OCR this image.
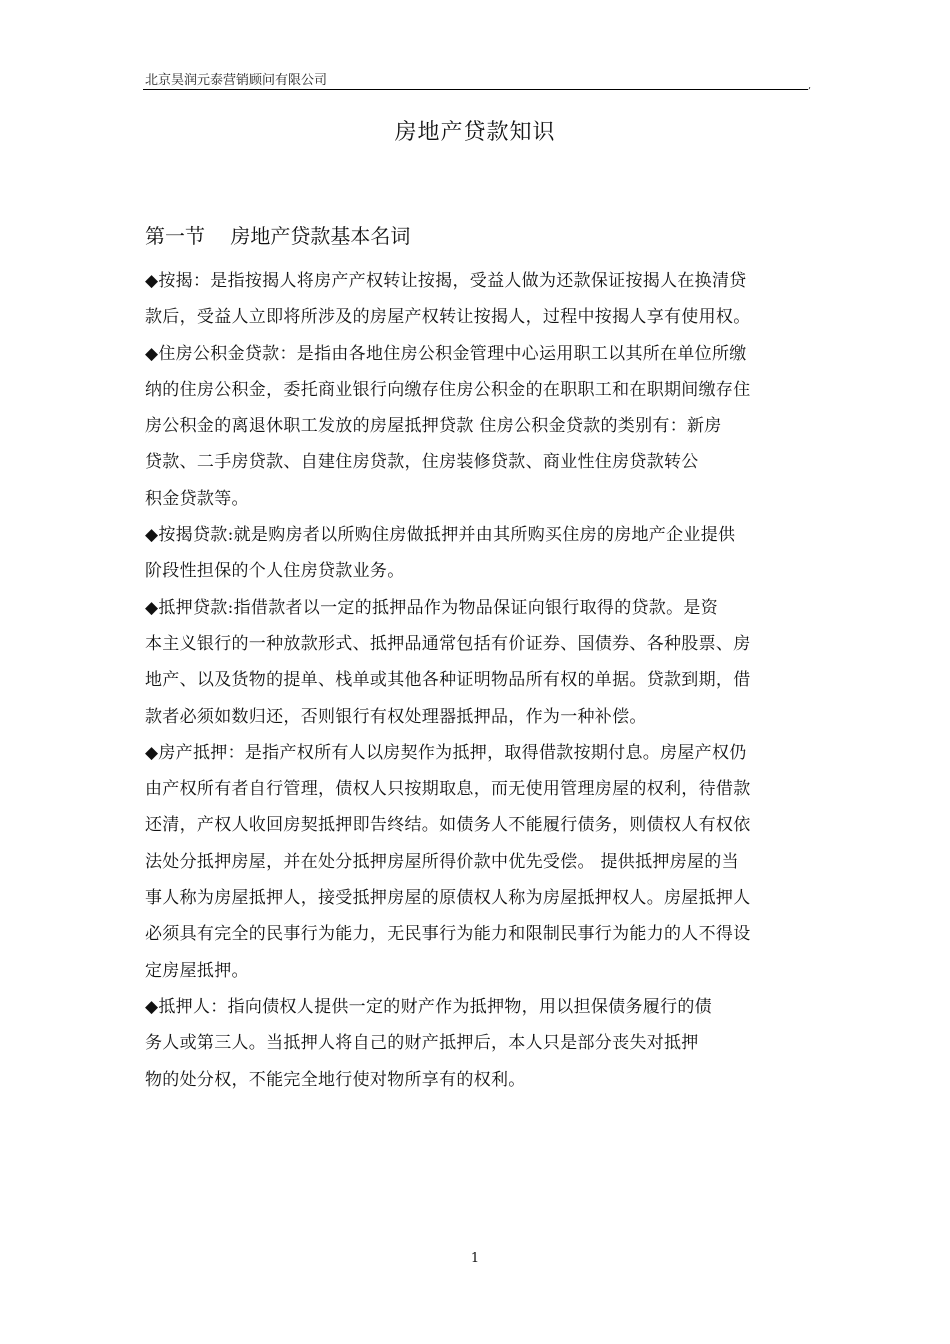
北京昊润元泰营销顾问有限公司	,
房地产贷款知识
第一节    房地产贷款基本名词
◆按揭：是指按揭人将房产产权转让按揭，受益人做为还款保证按揭人在换清贷
款后，受益人立即将所涉及的房屋产权转让按揭人，过程中按揭人享有使用权。
◆住房公积金贷款：是指由各地住房公积金管理中心运用职工以其所在单位所缴
纳的住房公积金，委托商业银行向缴存住房公积金的在职职工和在职期间缴存住
房公积金的离退休职工发放的房屋抵押贷款 住房公积金贷款的类别有：新房
贷款、二手房贷款、自建住房贷款，住房装修贷款、商业性住房贷款转公
积金贷款等。
◆按揭贷款:就是购房者以所购住房做抵押并由其所购买住房的房地产企业提供
阶段性担保的个人住房贷款业务。
◆抵押贷款:指借款者以一定的抵押品作为物品保证向银行取得的贷款。是资
本主义银行的一种放款形式、抵押品通常包括有价证券、国债券、各种股票、房
地产、以及货物的提单、栈单或其他各种证明物品所有权的单据。贷款到期，借
款者必须如数归还，否则银行有权处理器抵押品，作为一种补偿。
◆房产抵押：是指产权所有人以房契作为抵押，取得借款按期付息。房屋产权仍
由产权所有者自行管理，债权人只按期取息，而无使用管理房屋的权利，待借款
还清，产权人收回房契抵押即告终结。如债务人不能履行债务，则债权人有权依
法处分抵押房屋，并在处分抵押房屋所得价款中优先受偿。 提供抵押房屋的当
事人称为房屋抵押人，接受抵押房屋的原债权人称为房屋抵押权人。房屋抵押人
必须具有完全的民事行为能力，无民事行为能力和限制民事行为能力的人不得设
定房屋抵押。
◆抵押人：指向债权人提供一定的财产作为抵押物，用以担保债务履行的债
务人或第三人。当抵押人将自己的财产抵押后，本人只是部分丧失对抵押
物的处分权，不能完全地行使对物所享有的权利。
1
